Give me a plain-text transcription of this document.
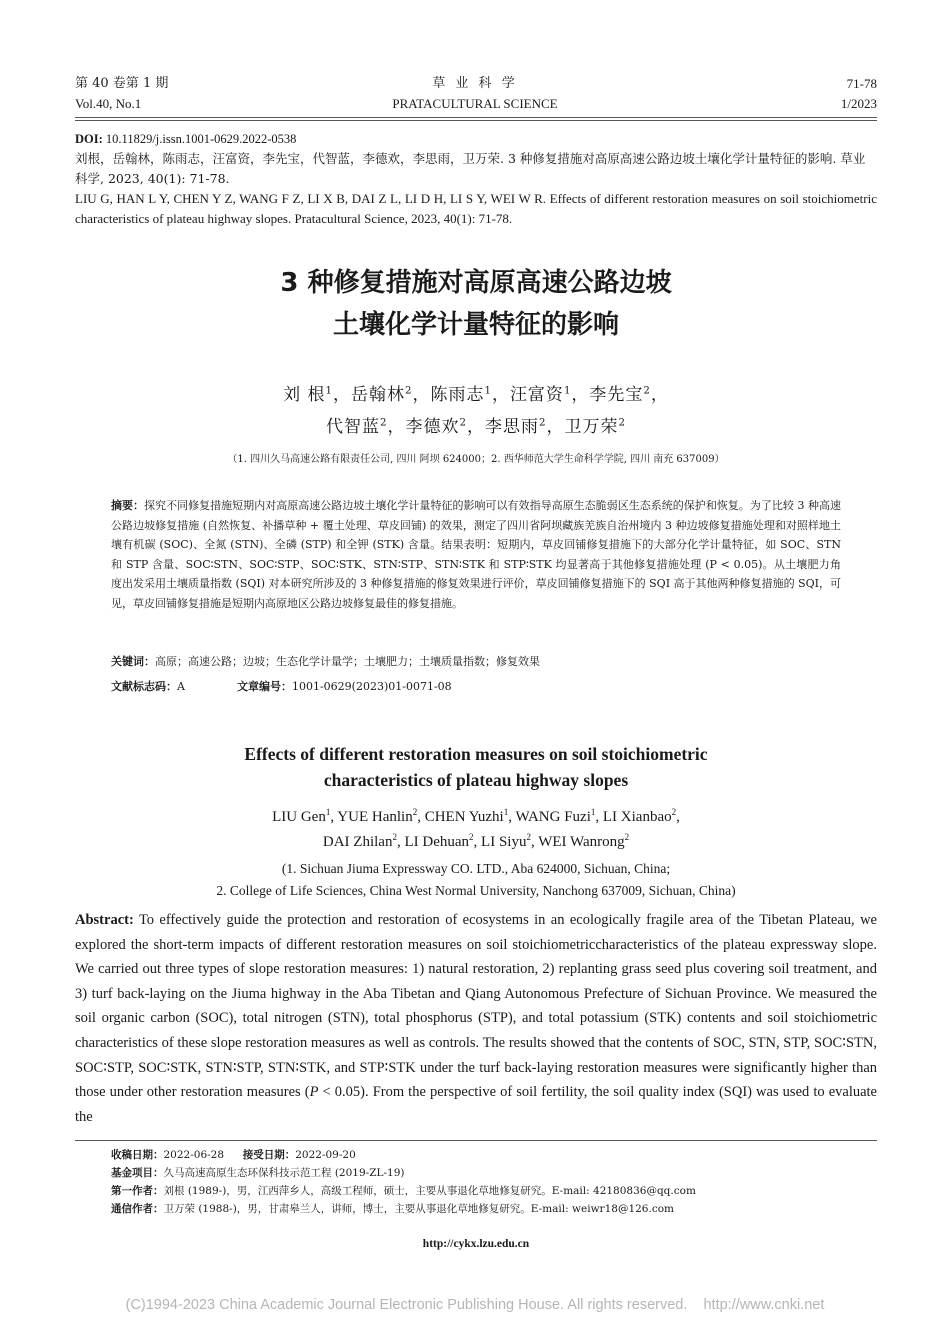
第 40 卷第 1 期
Vol.40, No.1
草 业 科 学
PRATACULTURAL SCIENCE
71-78
1/2023
DOI: 10.11829/j.issn.1001-0629.2022-0538
刘根，岳翰林，陈雨志，汪富资，李先宝，代智蓝，李德欢，李思雨，卫万荣. 3 种修复措施对高原高速公路边坡土壤化学计量特征的影响. 草业科学, 2023, 40(1): 71-78.
LIU G, HAN L Y, CHEN Y Z, WANG F Z, LI X B, DAI Z L, LI D H, LI S Y, WEI W R. Effects of different restoration measures on soil stoichiometric characteristics of plateau highway slopes. Pratacultural Science, 2023, 40(1): 71-78.
3 种修复措施对高原高速公路边坡
土壤化学计量特征的影响
刘 根$^1$，岳翰林$^2$，陈雨志$^1$，汪富资$^1$，李先宝$^2$，
代智蓝$^2$，李德欢$^2$，李思雨$^2$，卫万荣$^2$
（1. 四川久马高速公路有限责任公司, 四川 阿坝 624000；2. 西华师范大学生命科学学院, 四川 南充 637009）
摘要：探究不同修复措施短期内对高原高速公路边坡土壤化学计量特征的影响可以有效指导高原生态脆弱区生态系统的保护和恢复。为了比较 3 种高速公路边坡修复措施 (自然恢复、补播草种 + 覆土处理、草皮回铺) 的效果，测定了四川省阿坝藏族羌族自治州境内 3 种边坡修复措施处理和对照样地土壤有机碳 (SOC)、全氮 (STN)、全磷 (STP) 和全钾 (STK) 含量。结果表明：短期内，草皮回铺修复措施下的大部分化学计量特征，如 SOC、STN 和 STP 含量、SOC∶STN、SOC∶STP、SOC∶STK、STN∶STP、STN∶STK 和 STP∶STK 均显著高于其他修复措施处理 (P < 0.05)。从土壤肥力角度出发采用土壤质量指数 (SQI) 对本研究所涉及的 3 种修复措施的修复效果进行评价，草皮回铺修复措施下的 SQI 高于其他两种修复措施的 SQI，可见，草皮回铺修复措施是短期内高原地区公路边坡修复最佳的修复措施。
关键词：高原；高速公路；边坡；生态化学计量学；土壤肥力；土壤质量指数；修复效果
文献标志码：A	文章编号：1001-0629(2023)01-0071-08
Effects of different restoration measures on soil stoichiometric
characteristics of plateau highway slopes
LIU Gen$^1$, YUE Hanlin$^2$, CHEN Yuzhi$^1$, WANG Fuzi$^1$, LI Xianbao$^2$,
DAI Zhilan$^2$, LI Dehuan$^2$, LI Siyu$^2$, WEI Wanrong$^2$
(1. Sichuan Jiuma Expressway CO. LTD., Aba 624000, Sichuan, China;
2. College of Life Sciences, China West Normal University, Nanchong 637009, Sichuan, China)
Abstract: To effectively guide the protection and restoration of ecosystems in an ecologically fragile area of the Tibetan Plateau, we explored the short-term impacts of different restoration measures on soil stoichiometriccharacteristics of the plateau expressway slope. We carried out three types of slope restoration measures: 1) natural restoration, 2) replanting grass seed plus covering soil treatment, and 3) turf back-laying on the Jiuma highway in the Aba Tibetan and Qiang Autonomous Prefecture of Sichuan Province. We measured the soil organic carbon (SOC), total nitrogen (STN), total phosphorus (STP), and total potassium (STK) contents and soil stoichiometric characteristics of these slope restoration measures as well as controls. The results showed that the contents of SOC, STN, STP, SOC∶STN, SOC∶STP, SOC∶STK, STN∶STP, STN∶STK, and STP∶STK under the turf back-laying restoration measures were significantly higher than those under other restoration measures (P < 0.05). From the perspective of soil fertility, the soil quality index (SQI) was used to evaluate the
收稿日期：2022-06-28 接受日期：2022-09-20
基金项目：久马高速高原生态环保科技示范工程 (2019-ZL-19)
第一作者：刘根 (1989-)，男，江西萍乡人，高级工程师，硕士，主要从事退化草地修复研究。E-mail: 42180836@qq.com
通信作者：卫万荣 (1988-)，男，甘肃皋兰人，讲师，博士，主要从事退化草地修复研究。E-mail: weiwr18@126.com
http://cykx.lzu.edu.cn
(C)1994-2023 China Academic Journal Electronic Publishing House. All rights reserved.    http://www.cnki.net
